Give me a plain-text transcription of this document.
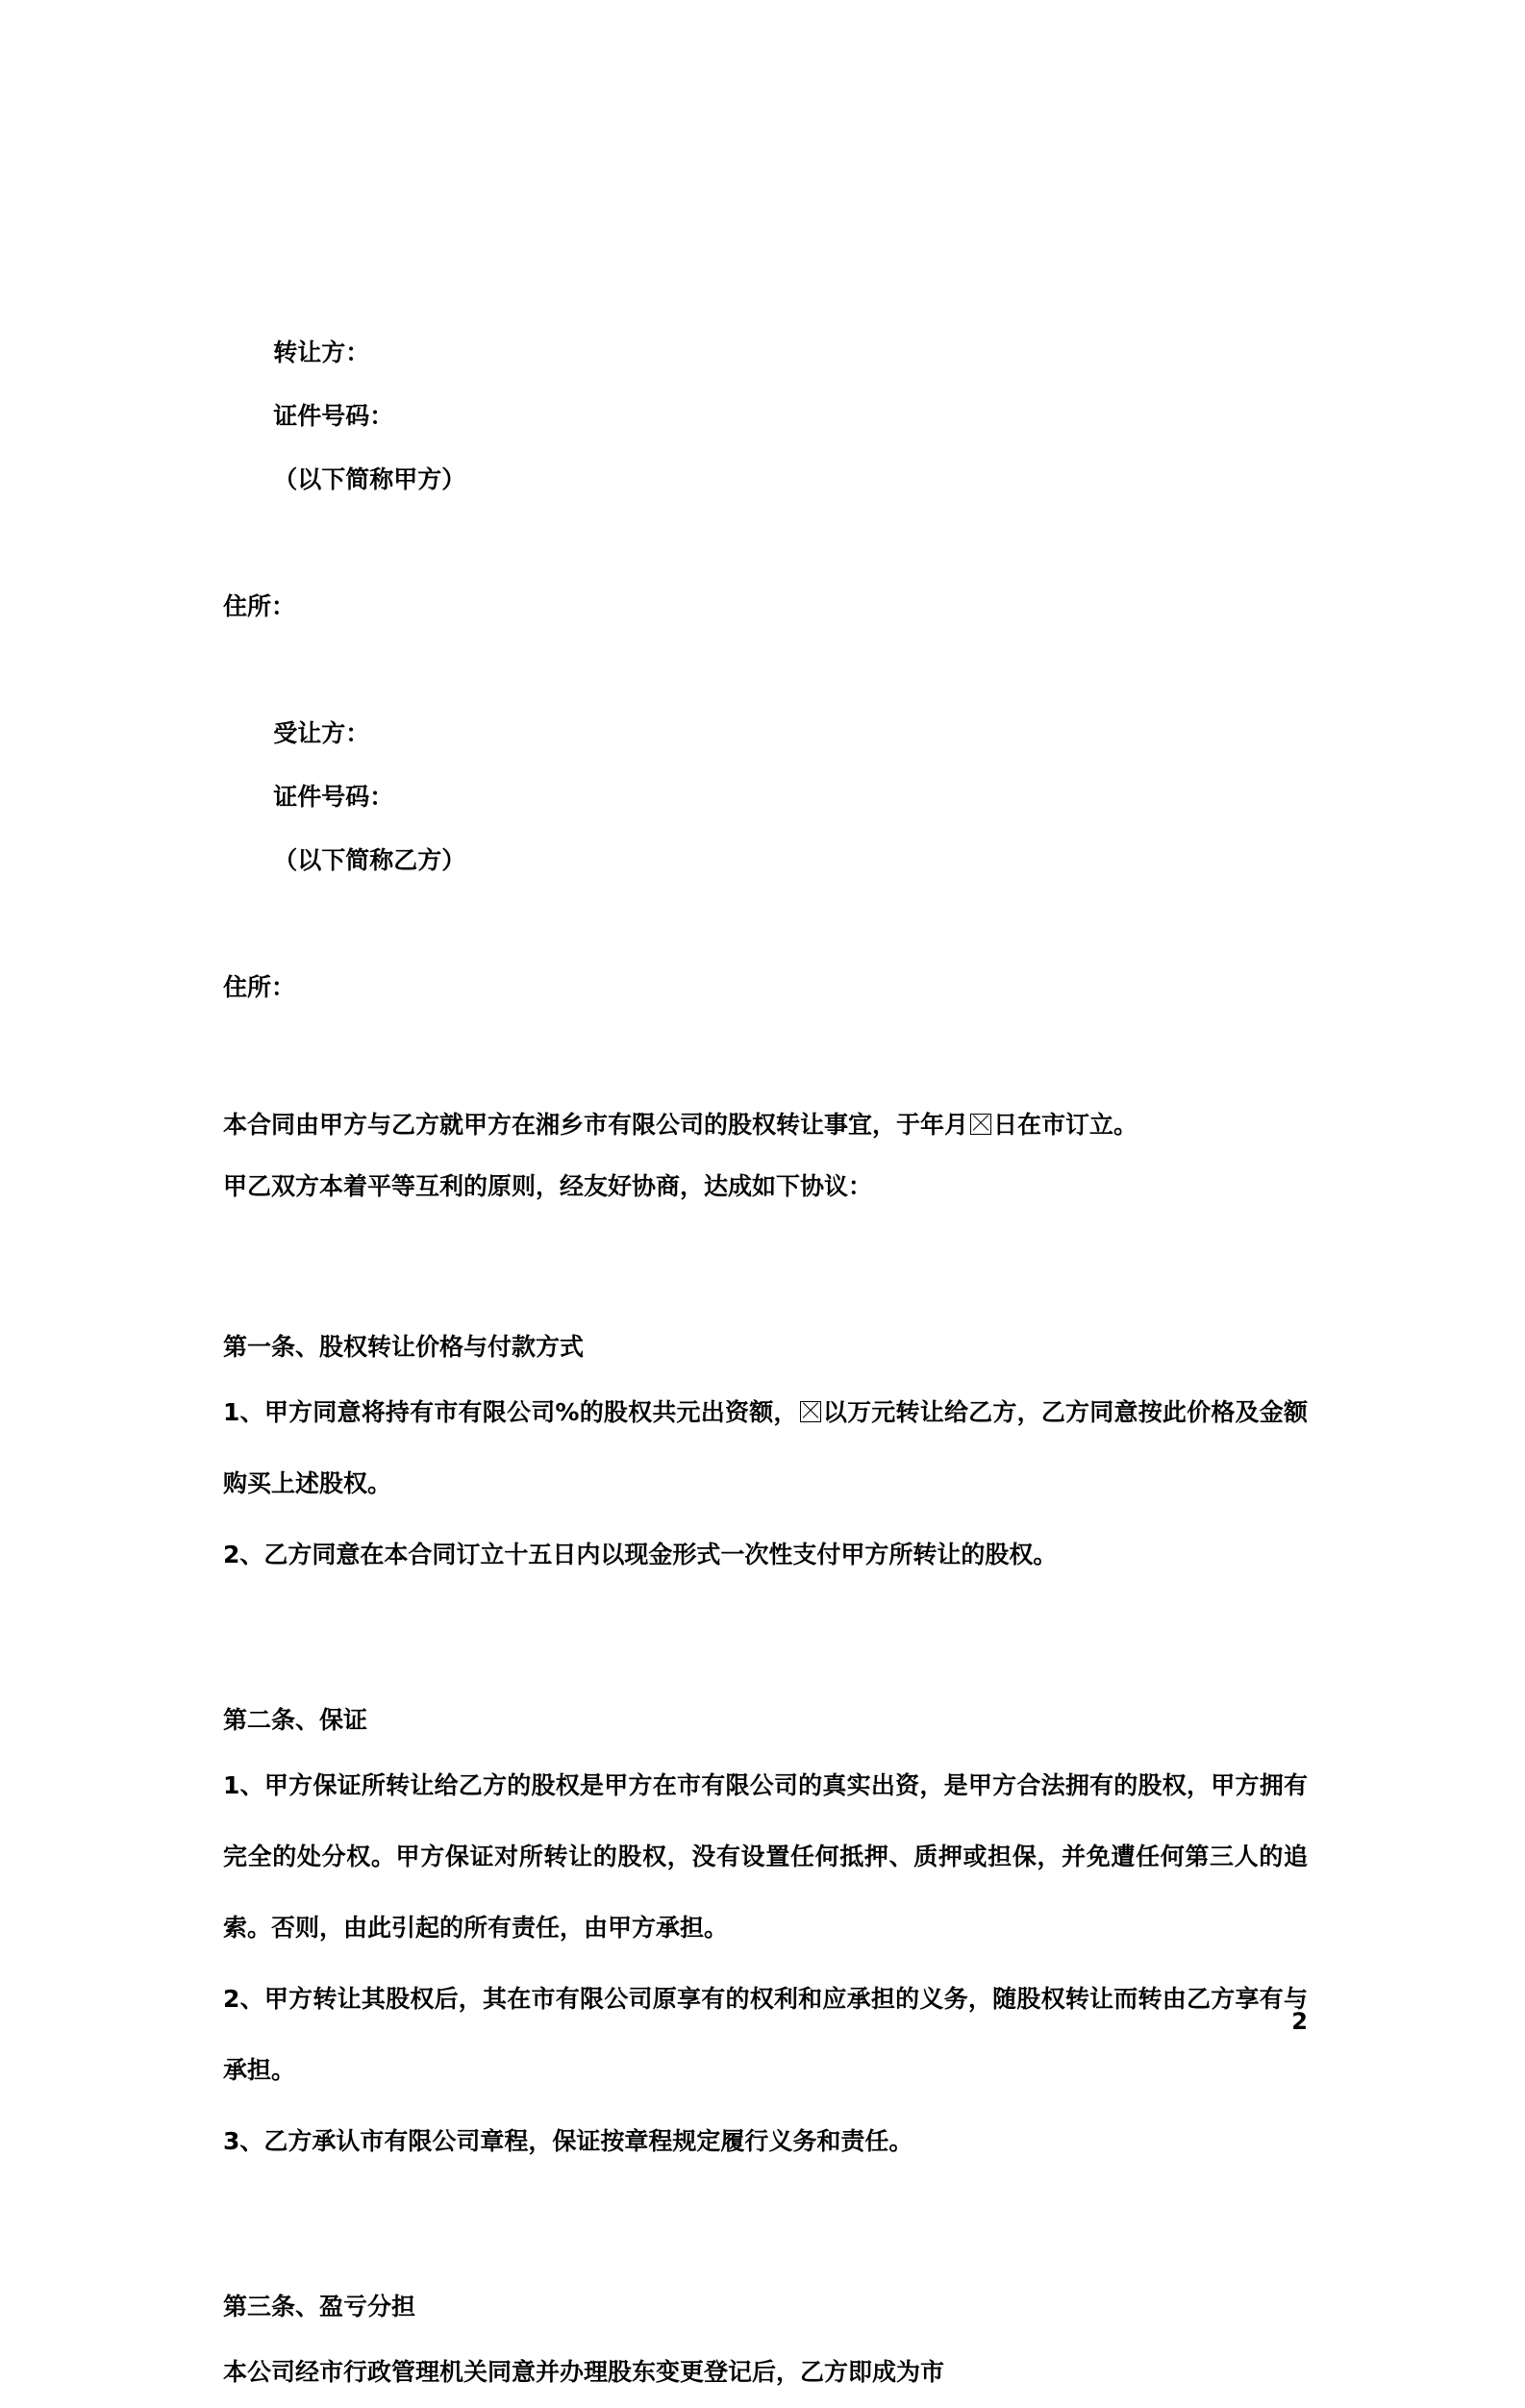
转让方：
证件号码：
（以下简称甲方）

住所：

受让方：
证件号码：
（以下简称乙方）

住所：

本合同由甲方与乙方就甲方在湘乡市有限公司的股权转让事宜，于年月 日在市订立。

甲乙双方本着平等互利的原则，经友好协商，达成如下协议：

第一条、股权转让价格与付款方式

1、甲方同意将持有市有限公司%的股权共元出资额， 以万元转让给乙方，乙方同意按此价格及金额购买上述股权。

2、乙方同意在本合同订立十五日内以现金形式一次性支付甲方所转让的股权。

第二条、保证

1、甲方保证所转让给乙方的股权是甲方在市有限公司的真实出资，是甲方合法拥有的股权，甲方拥有完全的处分权。甲方保证对所转让的股权，没有设置任何抵押、质押或担保，并免遭任何第三人的追索。否则，由此引起的所有责任，由甲方承担。

2、甲方转让其股权后，其在市有限公司原享有的权利和应承担的义务，随股权转让而转由乙方享有与承担。

3、乙方承认市有限公司章程，保证按章程规定履行义务和责任。

第三条、盈亏分担

本公司经市行政管理机关同意并办理股东变更登记后，乙方即成为市

2
